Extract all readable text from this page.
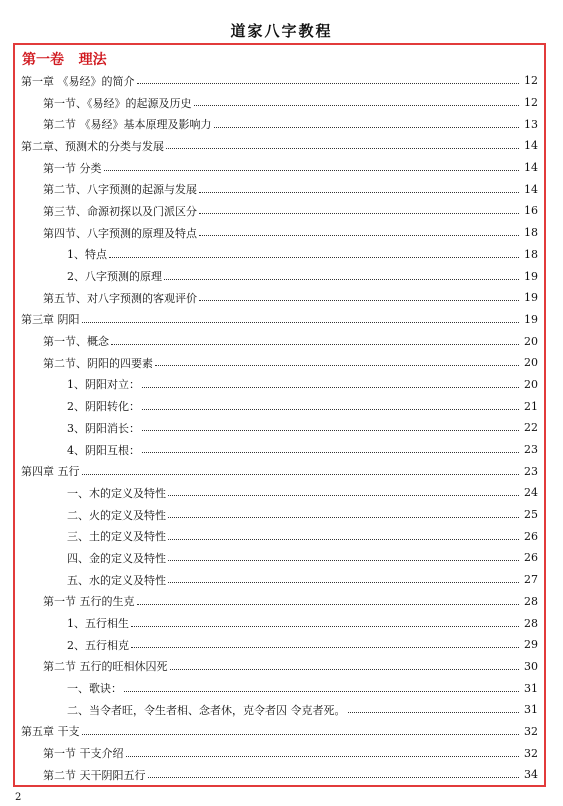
道家八字教程
第一卷   理法
第一章 《易经》的简介	12
第一节、《易经》的起源及历史	12
第二节 《易经》基本原理及影响力	13
第二章、预测术的分类与发展	14
第一节 分类	14
第二节、八字预测的起源与发展	14
第三节、命源初探以及门派区分	16
第四节、八字预测的原理及特点	18
1、特点	18
2、八字预测的原理	19
第五节、对八字预测的客观评价	19
第三章 阴阳	19
第一节、概念	20
第二节、阴阳的四要素	20
1、阴阳对立：	20
2、阴阳转化：	21
3、阴阳消长：	22
4、阴阳互根：	23
第四章 五行	23
一、木的定义及特性	24
二、火的定义及特性	25
三、土的定义及特性	26
四、金的定义及特性	26
五、水的定义及特性	27
第一节 五行的生克	28
1、五行相生	28
2、五行相克	29
第二节 五行的旺相休囚死	30
一、歌诀：	31
二、当令者旺，令生者相、念者休，克令者囚 令克者死。	31
第五章 干支	32
第一节 干支介绍	32
第二节 天干阴阳五行	34
2
